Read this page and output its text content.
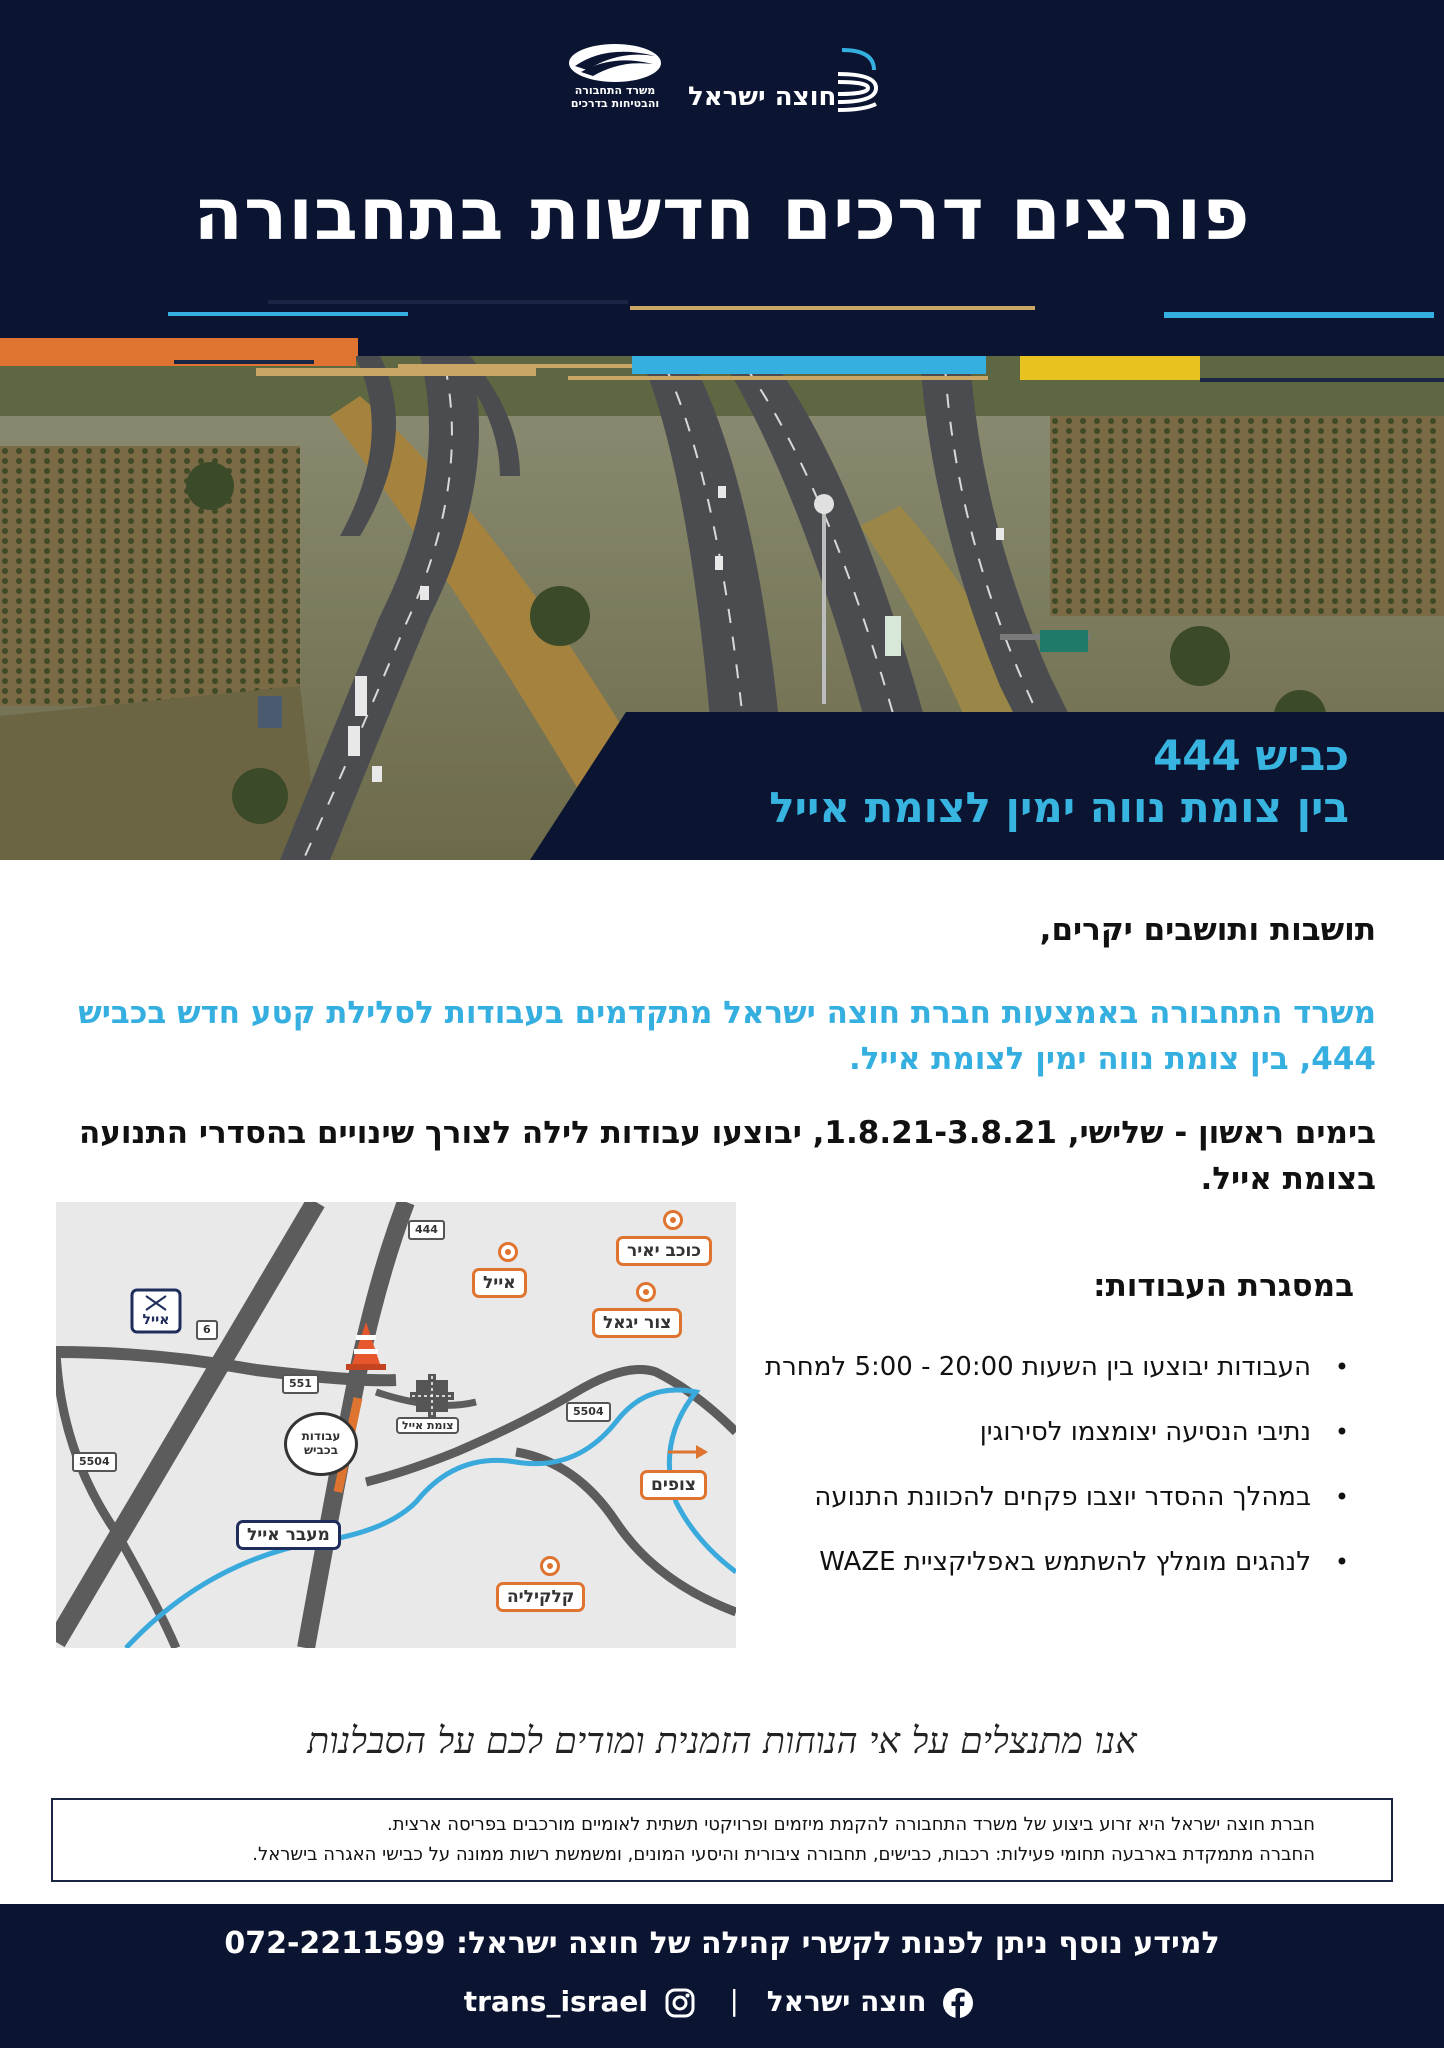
משרד התחבורה והבטיחות בדרכים חוצה ישראל
פורצים דרכים חדשות בתחבורה
כביש 444
בין צומת נווה ימין לצומת אייל
תושבות ותושבים יקרים,
משרד התחבורה באמצעות חברת חוצה ישראל מתקדמים בעבודות לסלילת קטע חדש בכביש 444, בין צומת נווה ימין לצומת אייל.
בימים ראשון - שלישי, 1.8.21-3.8.21, יבוצעו עבודות לילה לצורך שינויים בהסדרי התנועה בצומת אייל.
444
6
551
5504
5504
אייל
כוכב יאיר
אייל
צור יגאל
צופים
מעבר אייל
קלקיליה
עבודות בכביש
צומת אייל
במסגרת העבודות:
• העבודות יבוצעו בין השעות 20:00 - 5:00 למחרת
• נתיבי הנסיעה יצומצמו לסירוגין
• במהלך ההסדר יוצבו פקחים להכוונת התנועה
• לנהגים מומלץ להשתמש באפליקציית WAZE
אנו מתנצלים על אי הנוחות הזמנית ומודים לכם על הסבלנות
חברת חוצה ישראל היא זרוע ביצוע של משרד התחבורה להקמת מיזמים ופרויקטי תשתית לאומיים מורכבים בפריסה ארצית.
החברה מתמקדת בארבעה תחומי פעילות: רכבות, כבישים, תחבורה ציבורית והיסעי המונים, ומשמשת רשות ממונה על כבישי האגרה בישראל.
למידע נוסף ניתן לפנות לקשרי קהילה של חוצה ישראל: 072-2211599
trans_israel	| חוצה ישראל
